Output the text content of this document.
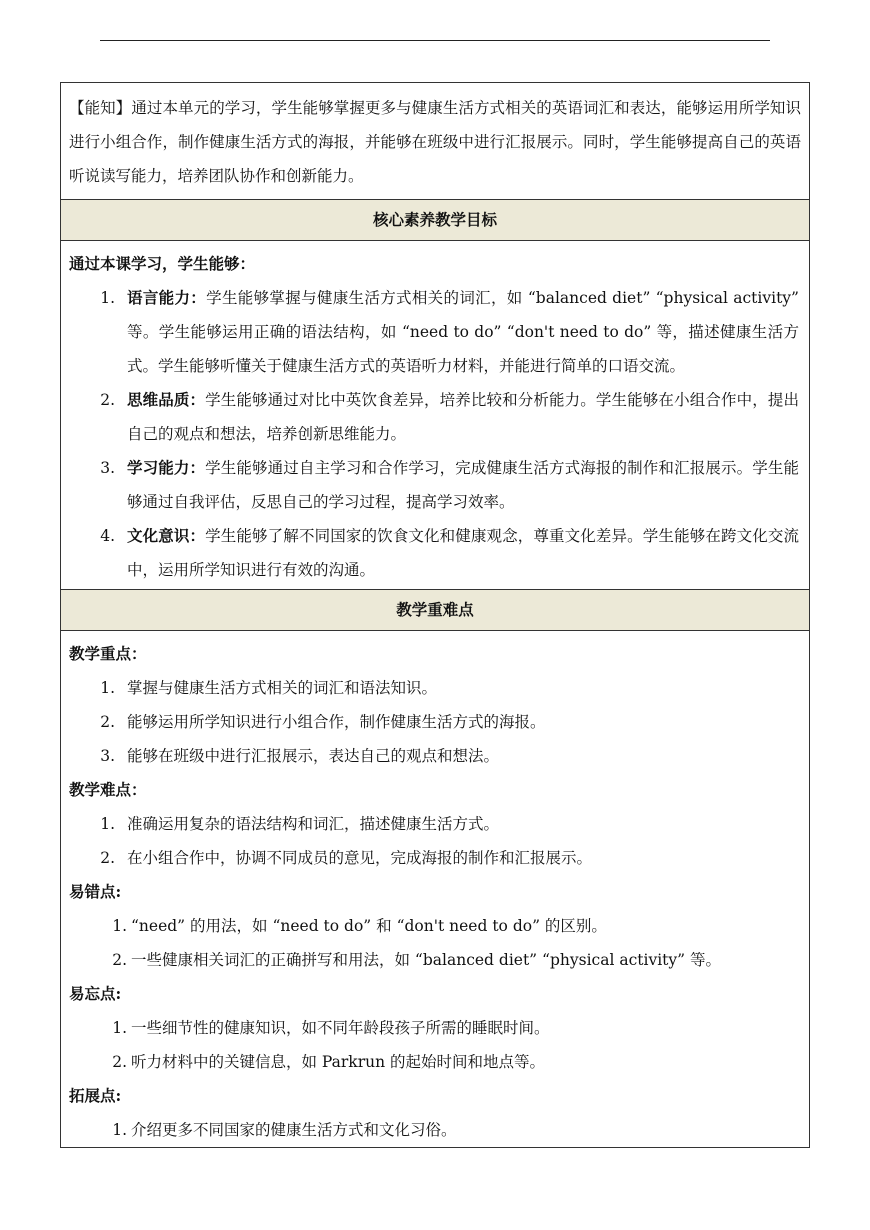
【能知】通过本单元的学习，学生能够掌握更多与健康生活方式相关的英语词汇和表达，能够运用所学知识进行小组合作，制作健康生活方式的海报，并能够在班级中进行汇报展示。同时，学生能够提高自己的英语听说读写能力，培养团队协作和创新能力。

核心素养教学目标

通过本课学习，学生能够：

1. 语言能力：学生能够掌握与健康生活方式相关的词汇，如 “balanced diet” “physical activity” 等。学生能够运用正确的语法结构，如 “need to do” “don't need to do” 等，描述健康生活方式。学生能够听懂关于健康生活方式的英语听力材料，并能进行简单的口语交流。
2. 思维品质：学生能够通过对比中英饮食差异，培养比较和分析能力。学生能够在小组合作中，提出自己的观点和想法，培养创新思维能力。
3. 学习能力：学生能够通过自主学习和合作学习，完成健康生活方式海报的制作和汇报展示。学生能够通过自我评估，反思自己的学习过程，提高学习效率。
4. 文化意识：学生能够了解不同国家的饮食文化和健康观念，尊重文化差异。学生能够在跨文化交流中，运用所学知识进行有效的沟通。

教学重难点

教学重点：

1. 掌握与健康生活方式相关的词汇和语法知识。
2. 能够运用所学知识进行小组合作，制作健康生活方式的海报。
3. 能够在班级中进行汇报展示，表达自己的观点和想法。

教学难点：

1. 准确运用复杂的语法结构和词汇，描述健康生活方式。
2. 在小组合作中，协调不同成员的意见，完成海报的制作和汇报展示。

易错点:

1. “need” 的用法，如 “need to do” 和 “don't need to do” 的区别。
2. 一些健康相关词汇的正确拼写和用法，如 “balanced diet” “physical activity” 等。

易忘点:

1. 一些细节性的健康知识，如不同年龄段孩子所需的睡眠时间。
2. 听力材料中的关键信息，如 Parkrun 的起始时间和地点等。

拓展点:

1. 介绍更多不同国家的健康生活方式和文化习俗。
